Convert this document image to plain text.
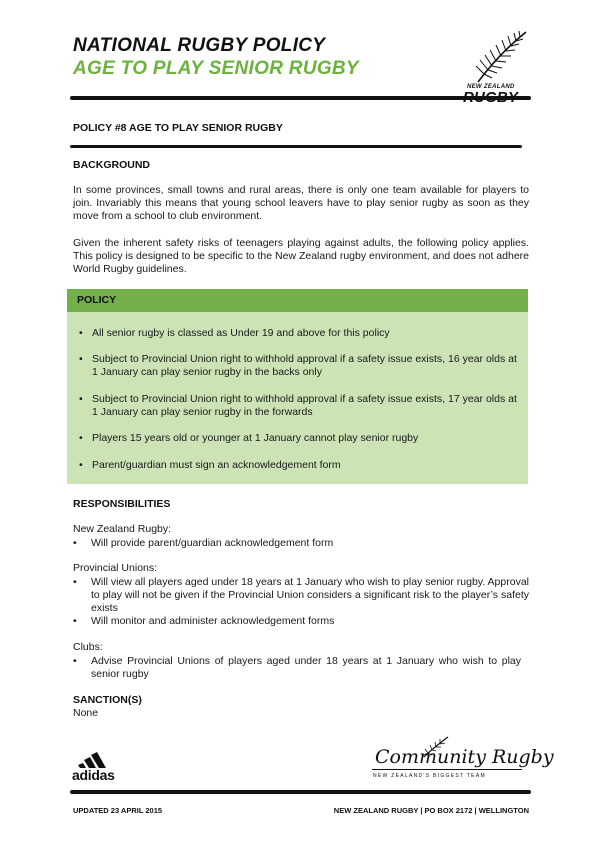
NATIONAL RUGBY POLICY
AGE TO PLAY SENIOR RUGBY
NEW ZEALAND
POLICY #8 AGE TO PLAY SENIOR RUGBY
BACKGROUND
In some provinces, small towns and rural areas, there is only one team available for players to join. Invariably this means that young school leavers have to play senior rugby as soon as they move from a school to club environment.
Given the inherent safety risks of teenagers playing against adults, the following policy applies. This policy is designed to be specific to the New Zealand rugby environment, and does not adhere World Rugby guidelines.
POLICY
• All senior rugby is classed as Under 19 and above for this policy
• Subject to Provincial Union right to withhold approval if a safety issue exists, 16 year olds at 1 January can play senior rugby in the backs only
• Subject to Provincial Union right to withhold approval if a safety issue exists, 17 year olds at 1 January can play senior rugby in the forwards
• Players 15 years old or younger at 1 January cannot play senior rugby
• Parent/guardian must sign an acknowledgement form
RESPONSIBILITIES
New Zealand Rugby:
• Will provide parent/guardian acknowledgement form
Provincial Unions:
• Will view all players aged under 18 years at 1 January who wish to play senior rugby. Approval to play will not be given if the Provincial Union considers a significant risk to the player’s safety exists
• Will monitor and administer acknowledgement forms
Clubs:
• Advise Provincial Unions of players aged under 18 years at 1 January who wish to play senior rugby
SANCTION(S)
None
adidas
Community Rugby
NEW ZEALAND'S BIGGEST TEAM
UPDATED 23 APRIL 2015	NEW ZEALAND RUGBY | PO BOX 2172 | WELLINGTON
